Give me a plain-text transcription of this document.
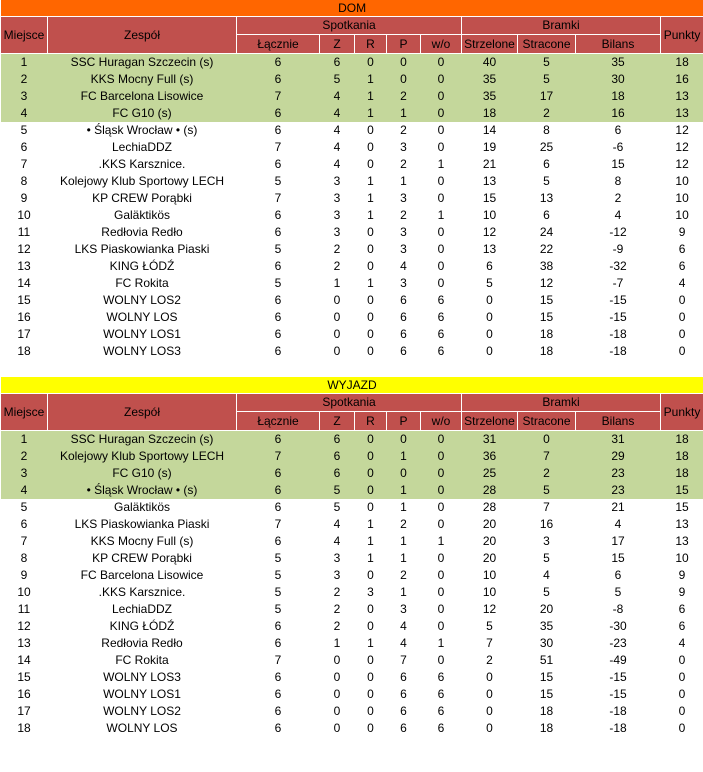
DOM										
Miejsce	Zespół	Spotkania					Bramki			Punkty
		Łącznie	Z	R	P	w/o	Strzelone	Stracone	Bilans	
1	SSC Huragan Szczecin (s)	6	6	0	0	0	40	5	35	18
2	KKS Mocny Full (s)	6	5	1	0	0	35	5	30	16
3	FC Barcelona Lisowice	7	4	1	2	0	35	17	18	13
4	FC G10 (s)	6	4	1	1	0	18	2	16	13
5	• Śląsk Wrocław • (s)	6	4	0	2	0	14	8	6	12
6	LechiaDDZ	7	4	0	3	0	19	25	-6	12
7	.KKS Karsznice.	6	4	0	2	1	21	6	15	12
8	Kolejowy Klub Sportowy LECH	5	3	1	1	0	13	5	8	10
9	KP CREW Porąbki	7	3	1	3	0	15	13	2	10
10	Galäktikös	6	3	1	2	1	10	6	4	10
11	Redłovia Redło	6	3	0	3	0	12	24	-12	9
12	LKS Piaskowianka Piaski	5	2	0	3	0	13	22	-9	6
13	KING ŁÓDŹ	6	2	0	4	0	6	38	-32	6
14	FC Rokita	5	1	1	3	0	5	12	-7	4
15	WOLNY LOS2	6	0	0	6	6	0	15	-15	0
16	WOLNY LOS	6	0	0	6	6	0	15	-15	0
17	WOLNY LOS1	6	0	0	6	6	0	18	-18	0
18	WOLNY LOS3	6	0	0	6	6	0	18	-18	0
WYJAZD										
Miejsce	Zespół	Spotkania					Bramki			Punkty
		Łącznie	Z	R	P	w/o	Strzelone	Stracone	Bilans	
1	SSC Huragan Szczecin (s)	6	6	0	0	0	31	0	31	18
2	Kolejowy Klub Sportowy LECH	7	6	0	1	0	36	7	29	18
3	FC G10 (s)	6	6	0	0	0	25	2	23	18
4	• Śląsk Wrocław • (s)	6	5	0	1	0	28	5	23	15
5	Galäktikös	6	5	0	1	0	28	7	21	15
6	LKS Piaskowianka Piaski	7	4	1	2	0	20	16	4	13
7	KKS Mocny Full (s)	6	4	1	1	1	20	3	17	13
8	KP CREW Porąbki	5	3	1	1	0	20	5	15	10
9	FC Barcelona Lisowice	5	3	0	2	0	10	4	6	9
10	.KKS Karsznice.	5	2	3	1	0	10	5	5	9
11	LechiaDDZ	5	2	0	3	0	12	20	-8	6
12	KING ŁÓDŹ	6	2	0	4	0	5	35	-30	6
13	Redłovia Redło	6	1	1	4	1	7	30	-23	4
14	FC Rokita	7	0	0	7	0	2	51	-49	0
15	WOLNY LOS3	6	0	0	6	6	0	15	-15	0
16	WOLNY LOS1	6	0	0	6	6	0	15	-15	0
17	WOLNY LOS2	6	0	0	6	6	0	18	-18	0
18	WOLNY LOS	6	0	0	6	6	0	18	-18	0
